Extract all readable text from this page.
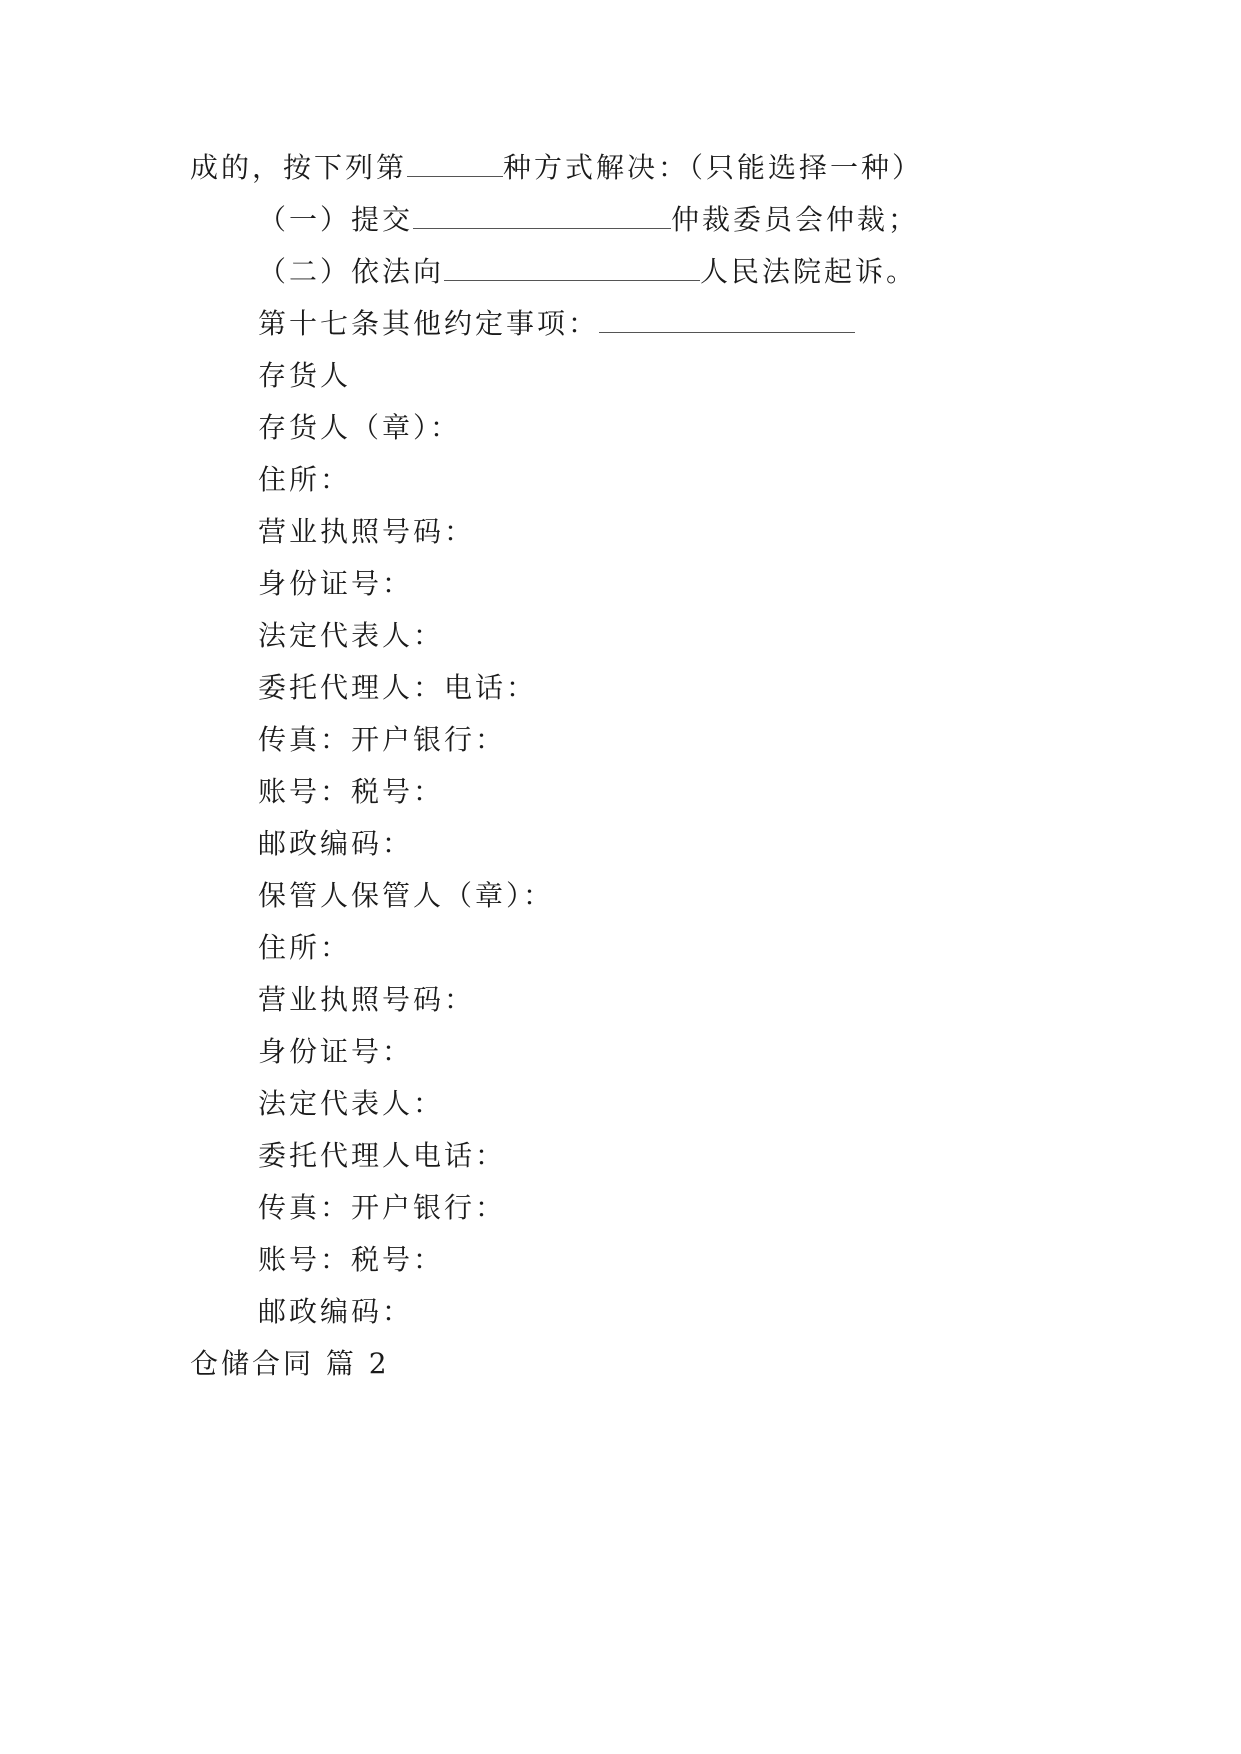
成的，按下列第	种方式解决：（只能选择一种）
（一）提交	仲裁委员会仲裁；
（二）依法向	人民法院起诉。
第十七条其他约定事项：
存货人
存货人（章）：
住所：
营业执照号码：
身份证号：
法定代表人：
委托代理人：电话：
传真：开户银行：
账号：税号：
邮政编码：
保管人保管人（章）：
住所：
营业执照号码：
身份证号：
法定代表人：
委托代理人电话：
传真：开户银行：
账号：税号：
邮政编码：
仓储合同 篇 2
